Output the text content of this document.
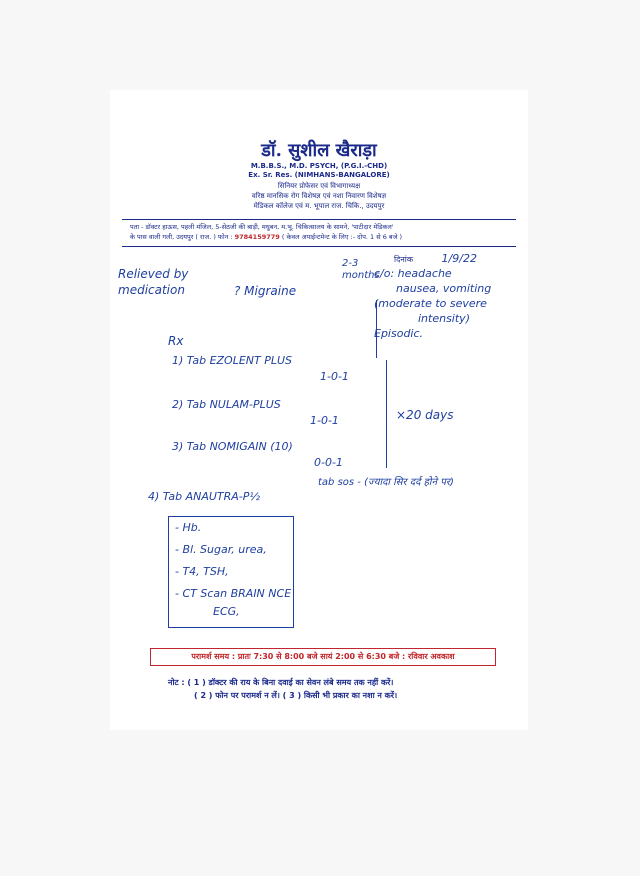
डॉ. सुशील खैराड़ा
M.B.B.S., M.D. PSYCH, (P.G.I.-CHD)
Ex. Sr. Res. (NIMHANS-BANGALORE)
सिनियर प्रोफेसर एवं विभागाध्यक्ष
वरिष्ठ मानसिक रोग विशेषज्ञ एवं नशा निवारण विशेषज्ञ
मेडिकल कॉलेज एवं म. भूपाल राज. चिकि., उदयपुर
पता - डॉक्टर हाऊस, पहली मंजिल, 5-सेठजी की बाड़ी, मधुबन, म.भू. चिकित्सालय के सामने, 'पाटीदार मेडिकल'
के पास वाली गली, उदयपुर ( राज. ) फोन : 9784159779 ( केवल अपाईन्टमेन्ट के लिए :- दोप. 1 से 6 बजे )
दिनांक	1/9/22
Relieved by medication	? Migraine
2-3 months
c/o: headache
nausea, vomiting
(moderate to severe
intensity)
Episodic.
Rx
1) Tab EZOLENT PLUS
1-0-1
2) Tab NULAM-PLUS
1-0-1
3) Tab NOMIGAIN (10)
0-0-1
×20 days
4) Tab ANAUTRA-P½
tab sos - (ज्यादा सिर दर्द होने पर)
- Hb.
- Bl. Sugar, urea,
- T4, TSH,
- CT Scan BRAIN NCE
ECG,
परामर्श समय : प्रातः 7:30 से 8:00 बजे सायं 2:00 से 6:30 बजे : रविवार अवकाश
नोट : ( 1 ) डॉक्टर की राय के बिना दवाई का सेवन लंबे समय तक नहीं करें।
( 2 ) फोन पर परामर्श न लें। ( 3 ) किसी भी प्रकार का नशा न करें।
